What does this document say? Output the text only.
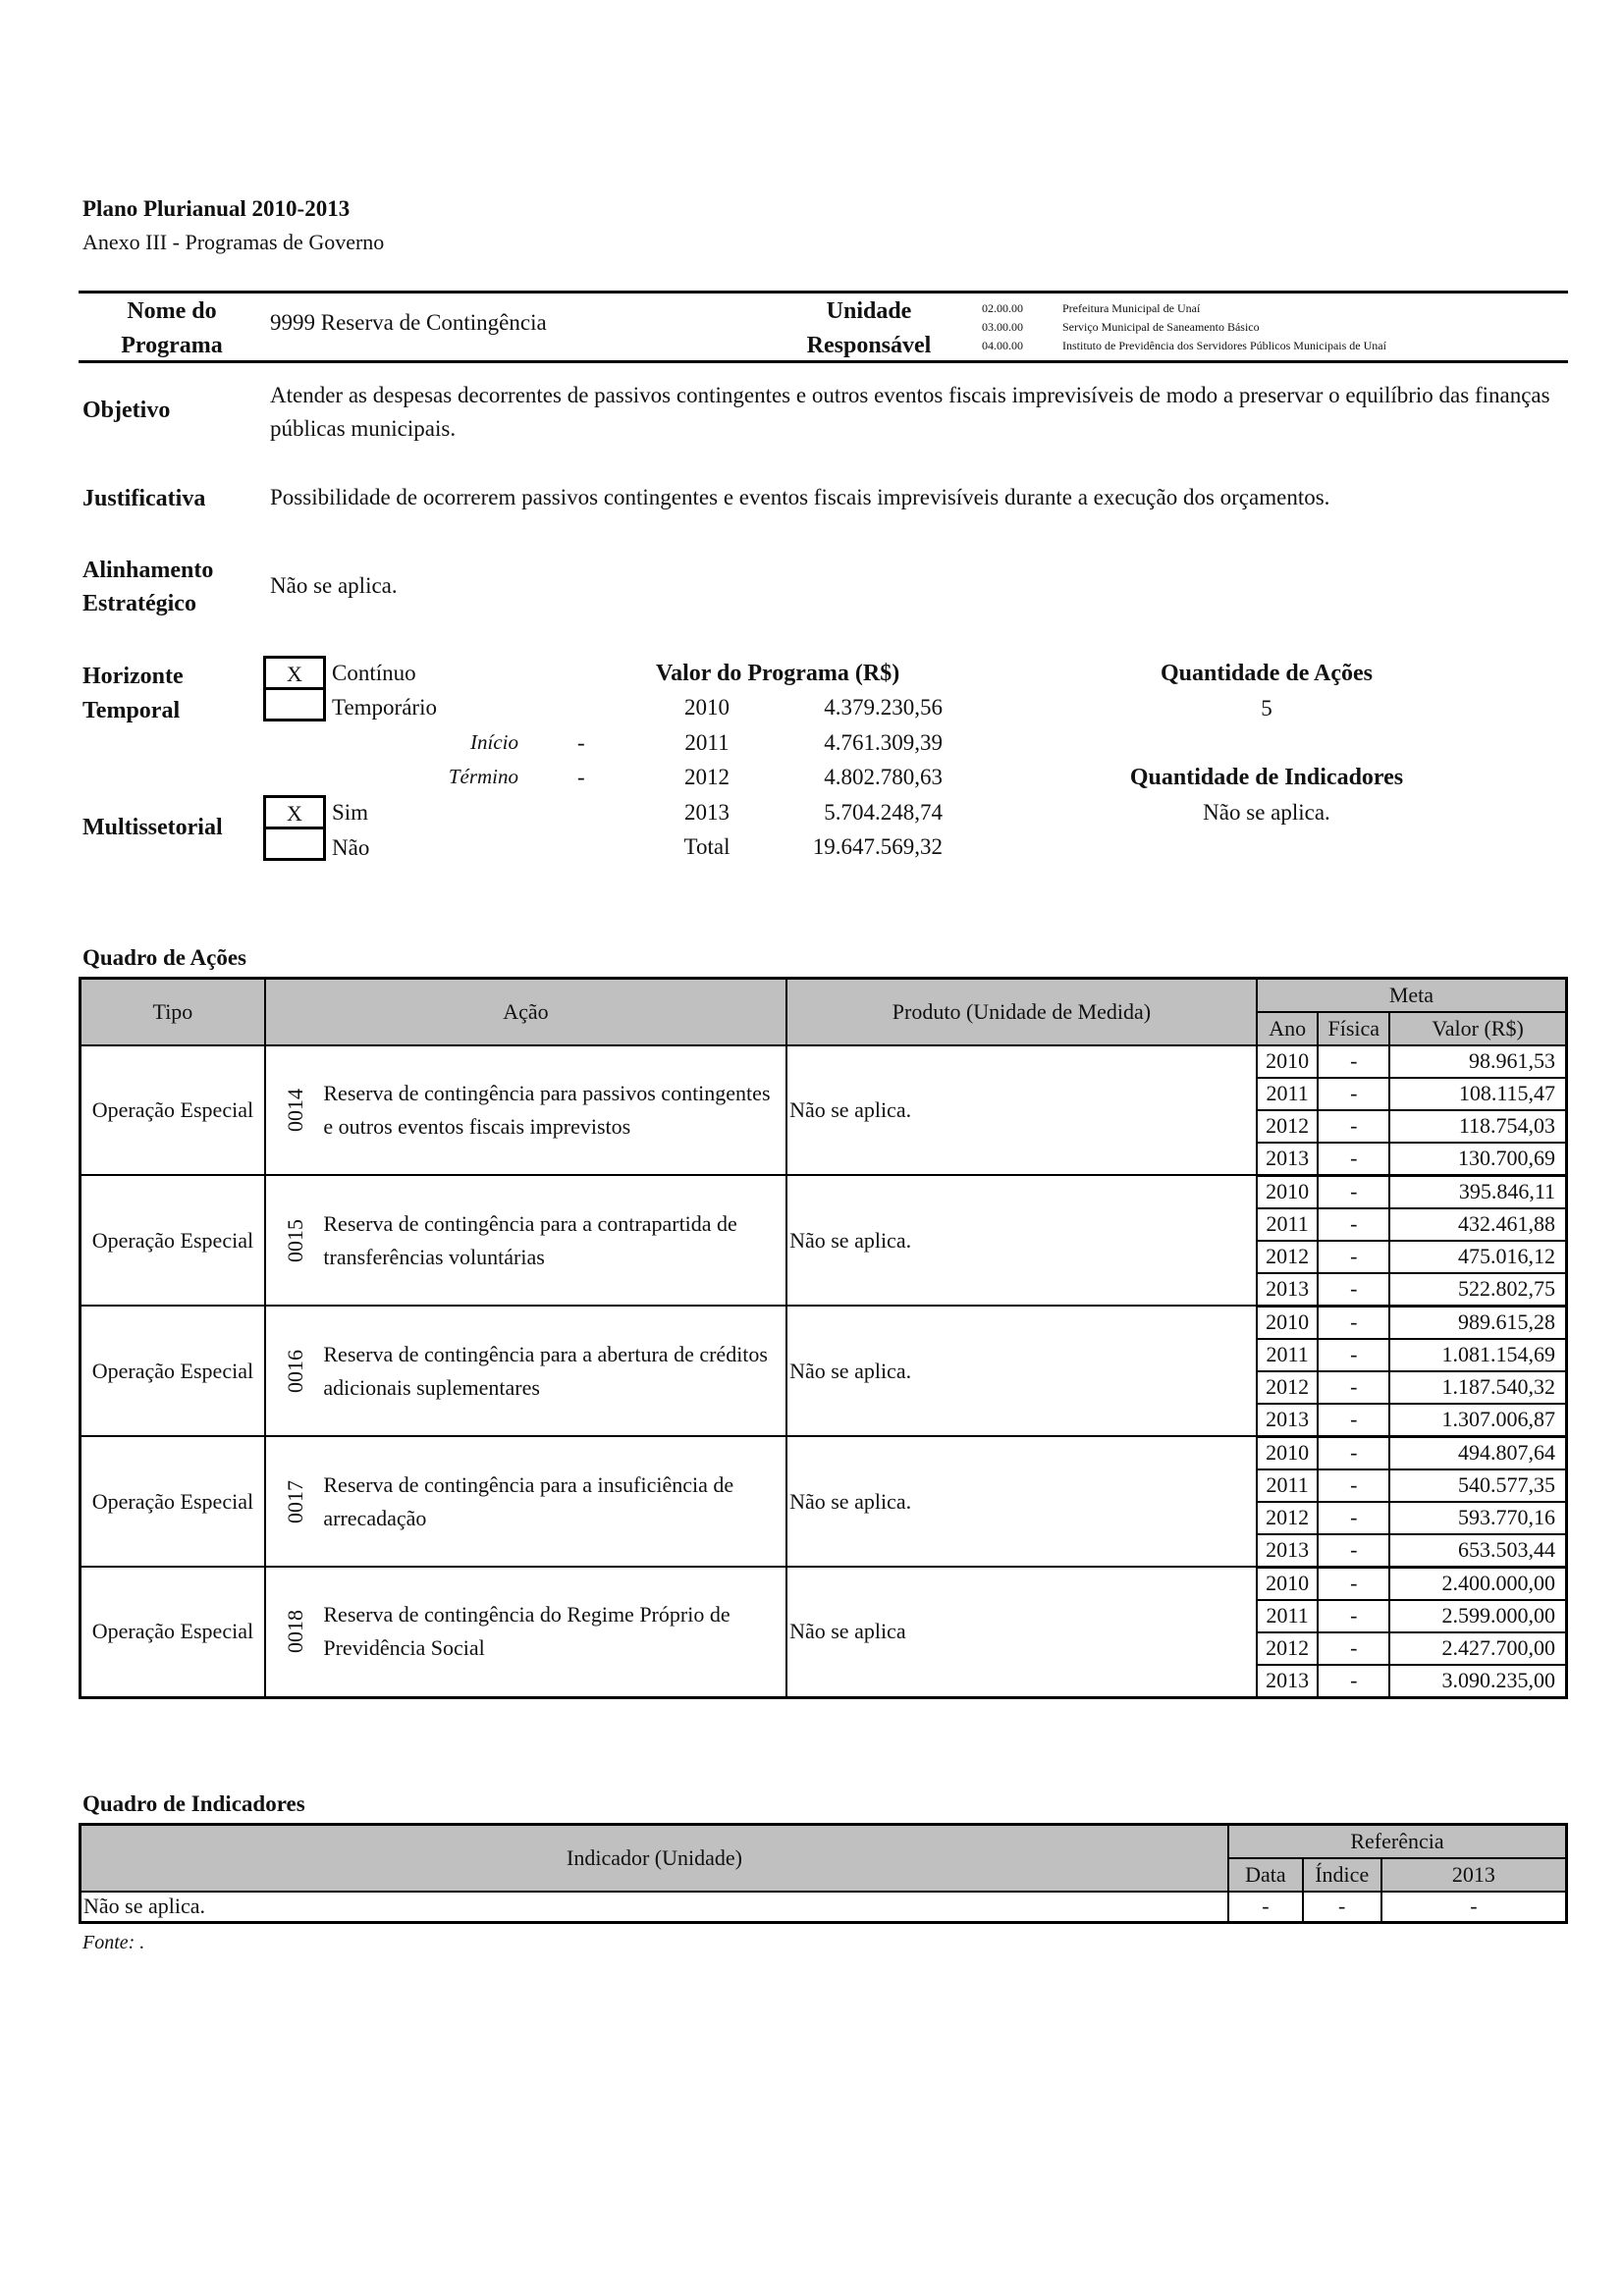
Plano Plurianual 2010-2013
Anexo III - Programas de Governo
Nome do
Programa
9999 Reserva de Contingência	Unidade
Responsável
02.00.00	Prefeitura Municipal de Unaí
03.00.00	Serviço Municipal de Saneamento Básico
04.00.00	Instituto de Previdência dos Servidores Públicos Municipais de Unaí
Objetivo
Atender as despesas decorrentes de passivos contingentes e outros eventos fiscais imprevisíveis de modo a preservar o equilíbrio das finanças públicas municipais.
Justificativa	Possibilidade de ocorrerem passivos contingentes e eventos fiscais imprevisíveis durante a execução dos orçamentos.
Alinhamento
Estratégico
Não se aplica.
Horizonte
Temporal
X	Contínuo
Temporário
Início	-
Término	-
Multissetorial
X	Sim
Não
Valor do Programa (R$)
2010	4.379.230,56
2011	4.761.309,39
2012	4.802.780,63
2013	5.704.248,74
Total	19.647.569,32
Quantidade de Ações
5
Quantidade de Indicadores
Não se aplica.
Quadro de Ações
Tipo	Ação		Produto (Unidade de Medida)	Meta		
				Ano	Física	Valor (R$)
Operação Especial	0014	Reserva de contingência para passivos contingentes e outros eventos fiscais imprevistos	Não se aplica.	2010	-	98.961,53
				2011	-	108.115,47
				2012	-	118.754,03
				2013	-	130.700,69
Operação Especial	0015	Reserva de contingência para a contrapartida de transferências voluntárias	Não se aplica.	2010	-	395.846,11
				2011	-	432.461,88
				2012	-	475.016,12
				2013	-	522.802,75
Operação Especial	0016	Reserva de contingência para a abertura de créditos adicionais suplementares	Não se aplica.	2010	-	989.615,28
				2011	-	1.081.154,69
				2012	-	1.187.540,32
				2013	-	1.307.006,87
Operação Especial	0017	Reserva de contingência para a insuficiência de arrecadação	Não se aplica.	2010	-	494.807,64
				2011	-	540.577,35
				2012	-	593.770,16
				2013	-	653.503,44
Operação Especial	0018	Reserva de contingência do Regime Próprio de Previdência Social	Não se aplica	2010	-	2.400.000,00
				2011	-	2.599.000,00
				2012	-	2.427.700,00
				2013	-	3.090.235,00
Quadro de Indicadores
Indicador (Unidade)	Referência		
	Data	Índice	2013
Não se aplica.	-	-	-
Fonte: .
